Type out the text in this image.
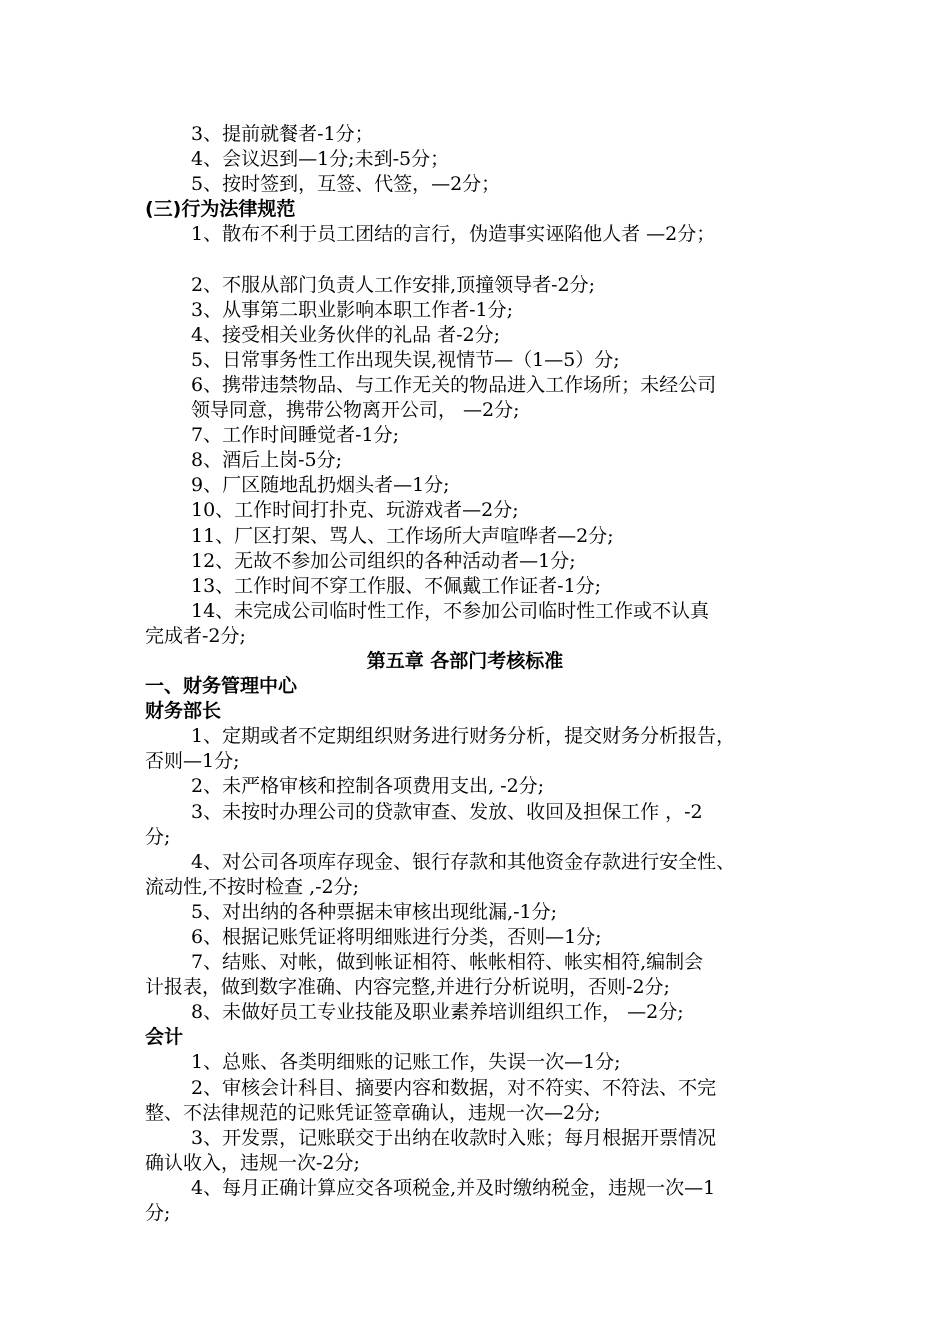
3、提前就餐者-1分；
4、会议迟到—1分;未到-5分；
5、按时签到，互签、代签，—2分；
(三)行为法律规范
1、散布不利于员工团结的言行，伪造事实诬陷他人者 —2分；
2、不服从部门负责人工作安排,顶撞领导者-2分;
3、从事第二职业影响本职工作者-1分;
4、接受相关业务伙伴的礼品 者-2分;
5、日常事务性工作出现失误,视情节—（1—5）分;
6、携带违禁物品、与工作无关的物品进入工作场所；未经公司
领导同意，携带公物离开公司， —2分;
7、工作时间睡觉者-1分;
8、酒后上岗-5分;
9、厂区随地乱扔烟头者—1分;
10、工作时间打扑克、玩游戏者—2分;
11、厂区打架、骂人、工作场所大声喧哗者—2分;
12、无故不参加公司组织的各种活动者—1分;
13、工作时间不穿工作服、不佩戴工作证者-1分;
14、未完成公司临时性工作，不参加公司临时性工作或不认真
完成者-2分;
第五章 各部门考核标准
一、财务管理中心
财务部长
1、定期或者不定期组织财务进行财务分析，提交财务分析报告，
否则—1分;
2、未严格审核和控制各项费用支出, -2分;
3、未按时办理公司的贷款审查、发放、收回及担保工作 ，-2
分;
4、对公司各项库存现金、银行存款和其他资金存款进行安全性、
流动性,不按时检查 ,-2分;
5、对出纳的各种票据未审核出现纰漏,-1分;
6、根据记账凭证将明细账进行分类，否则—1分;
7、结账、对帐，做到帐证相符、帐帐相符、帐实相符,编制会
计报表，做到数字准确、内容完整,并进行分析说明，否则-2分;
8、未做好员工专业技能及职业素养培训组织工作， —2分;
会计
1、总账、各类明细账的记账工作，失误一次—1分;
2、审核会计科目、摘要内容和数据，对不符实、不符法、不完
整、不法律规范的记账凭证签章确认，违规一次—2分;
3、开发票，记账联交于出纳在收款时入账；每月根据开票情况
确认收入，违规一次-2分;
4、每月正确计算应交各项税金,并及时缴纳税金，违规一次—1
分;
